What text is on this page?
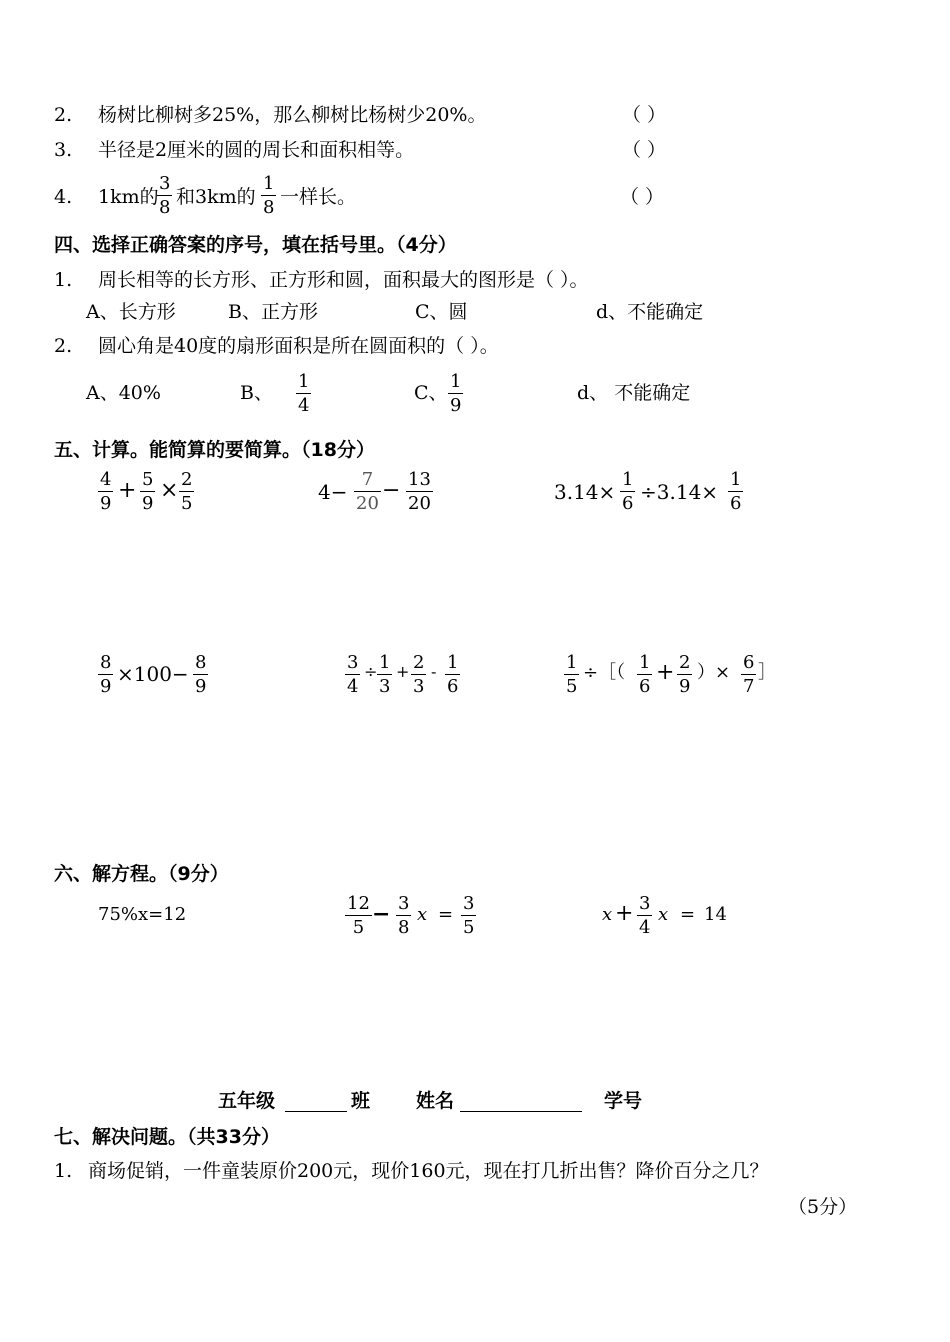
2. 杨树比柳树多25%，那么柳树比杨树少20%。	（ ）
3. 半径是2厘米的圆的周长和面积相等。	（ ）
4. 1km的
3
8 和3km的
1
8 一样长。	（ ）
四、选择正确答案的序号，填在括号里。（4分）
1. 周长相等的长方形、正方形和圆，面积最大的图形是（ ）。
A、长方形	B、正方形	C、圆	d、不能确定
2. 圆心角是40度的扇形面积是所在圆面积的（ ）。
A、40%	B、
1
4
C、
1
9
d、 不能确定
五、计算。能简算的要简算。（18分）
4
9
+ 5
9
× 2
5	4−
7
20
− 13
20	3.14×
1
6 ÷3.14×
1
6
8
9
×100− 8
9
3
4
÷ 1
3
+ 2
3
- 1
6
1
5
÷［（ 1
6
+ 2
9
）× 6
7
］
六、解方程。（9分）
75%x=12
12
5
− 3
8
x =
3
5
x + 3
4
x = 14
五年级	班 姓名	学号
七、解决问题。（共33分）
1. 商场促销，一件童装原价200元，现价160元，现在打几折出售？降价百分之几？
（5分）
